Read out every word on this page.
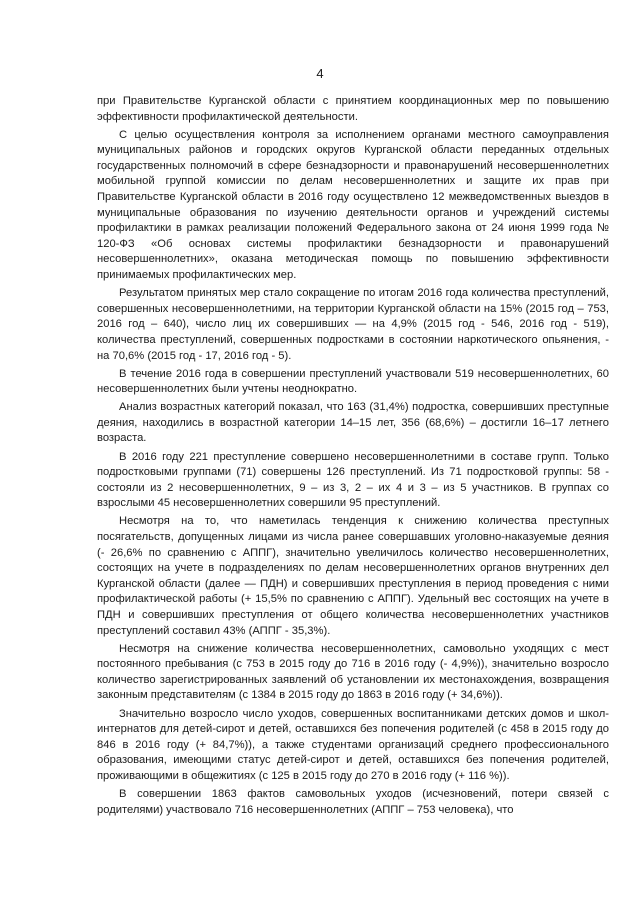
4

при Правительстве Курганской области с принятием координационных мер по повышению эффективности профилактической деятельности.

С целью осуществления контроля за исполнением органами местного самоуправления муниципальных районов и городских округов Курганской области переданных отдельных государственных полномочий в сфере безнадзорности и правонарушений несовершеннолетних мобильной группой комиссии по делам несовершеннолетних и защите их прав при Правительстве Курганской области в 2016 году осуществлено 12 межведомственных выездов в муниципальные образования по изучению деятельности органов и учреждений системы профилактики в рамках реализации положений Федерального закона от 24 июня 1999 года № 120-ФЗ «Об основах системы профилактики безнадзорности и правонарушений несовершеннолетних», оказана методическая помощь по повышению эффективности принимаемых профилактических мер.

Результатом принятых мер стало сокращение по итогам 2016 года количества преступлений, совершенных несовершеннолетними, на территории Курганской области на 15% (2015 год – 753, 2016 год – 640), число лиц их совершивших — на 4,9% (2015 год - 546, 2016 год - 519), количества преступлений, совершенных подростками в состоянии наркотического опьянения, - на 70,6% (2015 год - 17, 2016 год - 5).

В течение 2016 года в совершении преступлений участвовали 519 несовершеннолетних, 60 несовершеннолетних были учтены неоднократно.

Анализ возрастных категорий показал, что 163 (31,4%) подростка, совершивших преступные деяния, находились в возрастной категории 14–15 лет, 356 (68,6%) – достигли 16–17 летнего возраста.

В 2016 году 221 преступление совершено несовершеннолетними в составе групп. Только подростковыми группами (71) совершены 126 преступлений. Из 71 подростковой группы: 58 - состояли из 2 несовершеннолетних, 9 – из 3, 2 – их 4 и 3 – из 5 участников. В группах со взрослыми 45 несовершеннолетних совершили 95 преступлений.

Несмотря на то, что наметилась тенденция к снижению количества преступных посягательств, допущенных лицами из числа ранее совершавших уголовно-наказуемые деяния (- 26,6% по сравнению с АППГ), значительно увеличилось количество несовершеннолетних, состоящих на учете в подразделениях по делам несовершеннолетних органов внутренних дел Курганской области (далее — ПДН) и совершивших преступления в период проведения с ними профилактической работы (+ 15,5% по сравнению с АППГ). Удельный вес состоящих на учете в ПДН и совершивших преступления от общего количества несовершеннолетних участников преступлений составил 43% (АППГ - 35,3%).

Несмотря на снижение количества несовершеннолетних, самовольно уходящих с мест постоянного пребывания (с 753 в 2015 году до 716 в 2016 году (- 4,9%)), значительно возросло количество зарегистрированных заявлений об установлении их местонахождения, возвращения законным представителям (с 1384 в 2015 году до 1863 в 2016 году (+ 34,6%)).

Значительно возросло число уходов, совершенных воспитанниками детских домов и школ-интернатов для детей-сирот и детей, оставшихся без попечения родителей (с 458 в 2015 году до 846 в 2016 году (+ 84,7%)), а также студентами организаций среднего профессионального образования, имеющими статус детей-сирот и детей, оставшихся без попечения родителей, проживающими в общежитиях (с 125 в 2015 году до 270 в 2016 году (+ 116 %)).

В совершении 1863 фактов самовольных уходов (исчезновений, потери связей с родителями) участвовало 716 несовершеннолетних (АППГ – 753 человека), что
